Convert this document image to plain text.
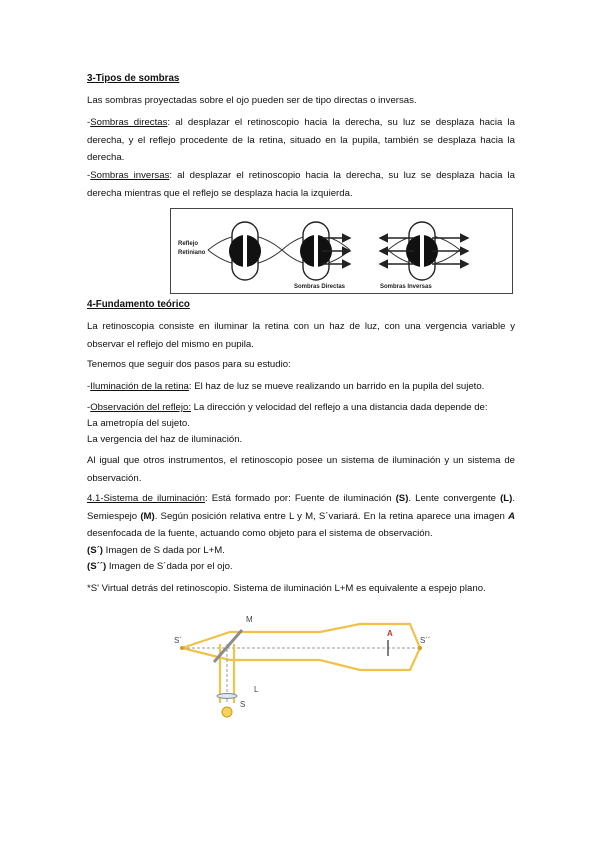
3-Tipos de sombras
Las sombras proyectadas sobre el ojo pueden ser de tipo directas o inversas.
-Sombras directas: al desplazar el retinoscopio hacia la derecha, su luz se desplaza hacia la derecha, y el reflejo procedente de la retina, situado en la pupila, también se desplaza hacia la derecha.
-Sombras inversas: al desplazar el retinoscopio hacia la derecha, su luz se desplaza hacia la derecha mientras que el reflejo se desplaza hacia la izquierda.
Reflejo
Retiniano
Sombras Directas	Sombras Inversas
4-Fundamento teórico
La retinoscopia consiste en iluminar la retina con un haz de luz, con una vergencia variable y observar el reflejo del mismo en pupila.
Tenemos que seguir dos pasos para su estudio:
-Iluminación de la retina: El haz de luz se mueve realizando un barrido en la pupila del sujeto.
-Observación del reflejo: La dirección y velocidad del reflejo a una distancia dada depende de:
La ametropía del sujeto.
La vergencia del haz de iluminación.
Al igual que otros instrumentos, el retinoscopio posee un sistema de iluminación y un sistema de observación.
4.1-Sistema de iluminación: Está formado por: Fuente de iluminación (S). Lente convergente (L). Semiespejo (M). Según posición relativa entre L y M, S´variará. En la retina aparece una imagen A desenfocada de la fuente, actuando como objeto para el sistema de observación.
(S´) Imagen de S dada por L+M.
(S´´) Imagen de S´dada por el ojo.
*S' Virtual detrás del retinoscopio. Sistema de iluminación L+M es equivalente a espejo plano.
S´
M
L
S
A
S´´
